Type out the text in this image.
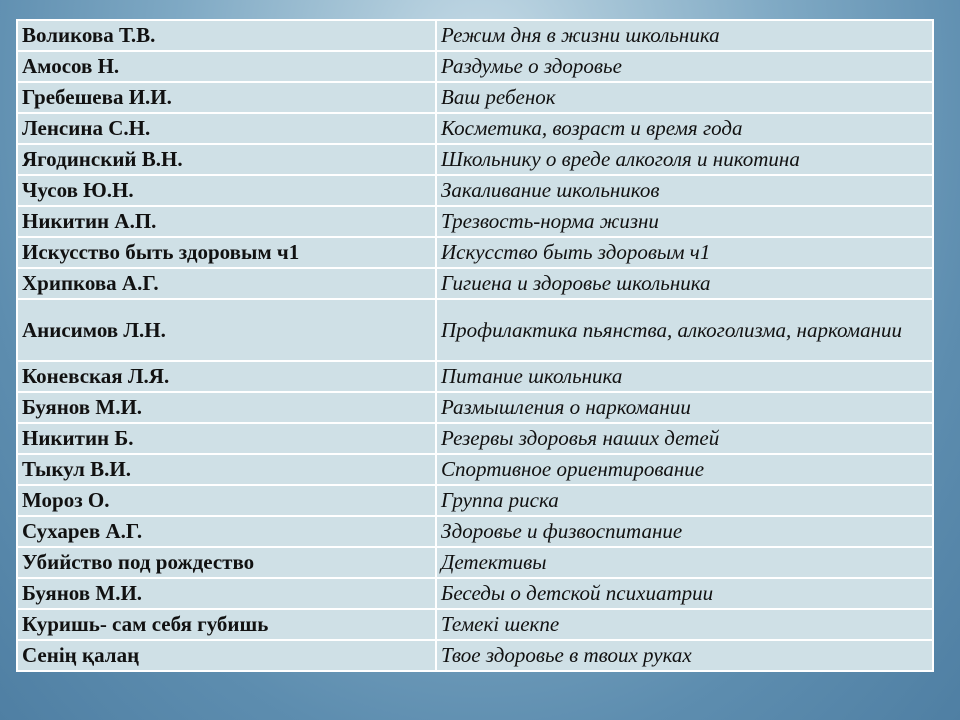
Воликова Т.В.	Режим дня в жизни школьника
Амосов Н.	Раздумье о здоровье
Гребешева И.И.	Ваш ребенок
Ленсина С.Н.	Косметика, возраст и время года
Ягодинский В.Н.	Школьнику о вреде алкоголя и никотина
Чусов Ю.Н.	Закаливание школьников
Никитин А.П.	Трезвость-норма жизни
Искусство быть здоровым ч1	Искусство быть здоровым ч1
Хрипкова А.Г.	Гигиена и здоровье школьника
Анисимов Л.Н.	Профилактика пьянства, алкоголизма, наркомании
Коневская Л.Я.	Питание школьника
Буянов М.И.	Размышления о наркомании
Никитин Б.	Резервы здоровья наших детей
Тыкул В.И.	Спортивное ориентирование
Мороз О.	Группа риска
Сухарев А.Г.	Здоровье и физвоспитание
Убийство под рождество	Детективы
Буянов М.И.	Беседы о детской психиатрии
Куришь- сам себя губишь	Темекі шекпе
Сенің қалаң	Твое здоровье в твоих руках
